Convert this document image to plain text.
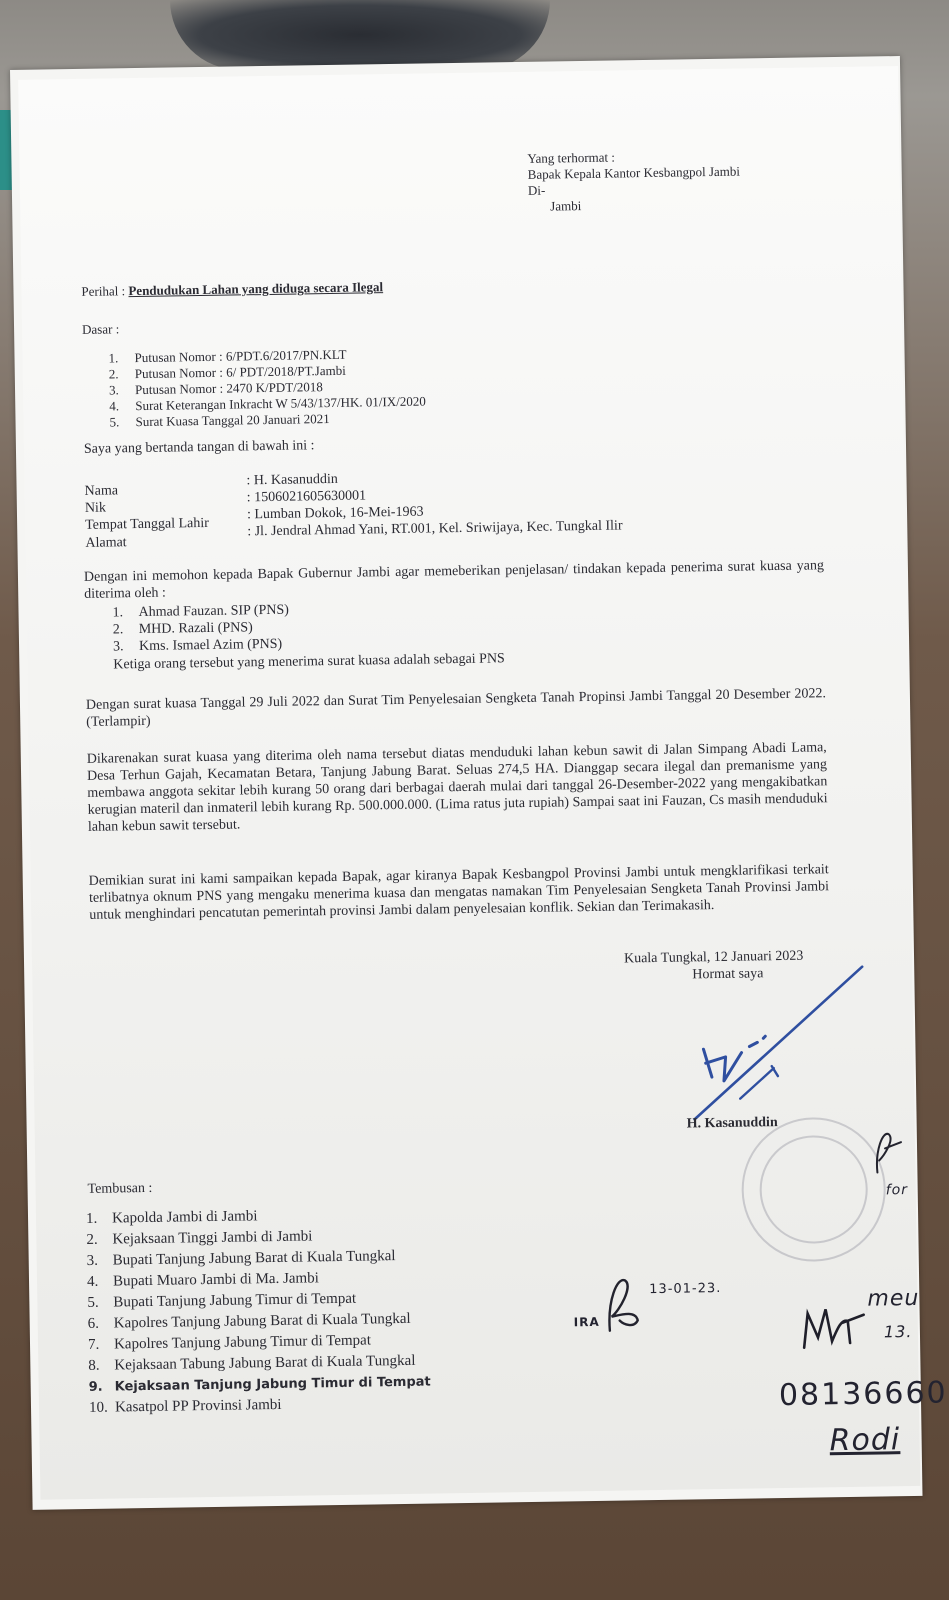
Yang terhormat :
Bapak Kepala Kantor Kesbangpol Jambi
Di-
Jambi
Perihal : Pendudukan Lahan yang diduga secara Ilegal
Dasar :
1. Putusan Nomor : 6/PDT.6/2017/PN.KLT
2. Putusan Nomor : 6/ PDT/2018/PT.Jambi
3. Putusan Nomor : 2470 K/PDT/2018
4. Surat Keterangan Inkracht W 5/43/137/HK. 01/IX/2020
5. Surat Kuasa Tanggal 20 Januari 2021
Saya yang bertanda tangan di bawah ini :
Nama
: H. Kasanuddin
Nik
: 1506021605630001
Tempat Tanggal Lahir
: Lumban Dokok, 16-Mei-1963
Alamat
: Jl. Jendral Ahmad Yani, RT.001, Kel. Sriwijaya, Kec. Tungkal Ilir
Dengan ini memohon kepada Bapak Gubernur Jambi agar memeberikan penjelasan/ tindakan kepada penerima surat kuasa yang diterima oleh :
1. Ahmad Fauzan. SIP (PNS)
2. MHD. Razali (PNS)
3. Kms. Ismael Azim (PNS)
Ketiga orang tersebut yang menerima surat kuasa adalah sebagai PNS
Dengan surat kuasa Tanggal 29 Juli 2022 dan Surat Tim Penyelesaian Sengketa Tanah Propinsi Jambi Tanggal 20 Desember 2022. (Terlampir)
Dikarenakan surat kuasa yang diterima oleh nama tersebut diatas menduduki lahan kebun sawit di Jalan Simpang Abadi Lama, Desa Terhun Gajah, Kecamatan Betara, Tanjung Jabung Barat. Seluas 274,5 HA. Dianggap secara ilegal dan premanisme yang membawa anggota sekitar lebih kurang 50 orang dari berbagai daerah mulai dari tanggal 26-Desember-2022 yang mengakibatkan kerugian materil dan inmateril lebih kurang Rp. 500.000.000. (Lima ratus juta rupiah) Sampai saat ini Fauzan, Cs masih menduduki lahan kebun sawit tersebut.
Demikian surat ini kami sampaikan kepada Bapak, agar kiranya Bapak Kesbangpol Provinsi Jambi untuk mengklarifikasi terkait terlibatnya oknum PNS yang mengaku menerima kuasa dan mengatas namakan Tim Penyelesaian Sengketa Tanah Provinsi Jambi untuk menghindari pencatutan pemerintah provinsi Jambi dalam penyelesaian konflik. Sekian dan Terimakasih.
Kuala Tungkal, 12 Januari 2023
Hormat saya
H. Kasanuddin
Tembusan :
1. Kapolda Jambi di Jambi
2. Kejaksaan Tinggi Jambi di Jambi
3. Bupati Tanjung Jabung Barat di Kuala Tungkal
4. Bupati Muaro Jambi di Ma. Jambi
5. Bupati Tanjung Jabung Timur di Tempat
6. Kapolres Tanjung Jabung Barat di Kuala Tungkal
7. Kapolres Tanjung Jabung Timur di Tempat
8. Kejaksaan Tabung Jabung Barat di Kuala Tungkal
9. Kejaksaan Tanjung Jabung Timur di Tempat
10. Kasatpol PP Provinsi Jambi
IRA
13-01-23.	meu
13.
08136660
Rodi
for
